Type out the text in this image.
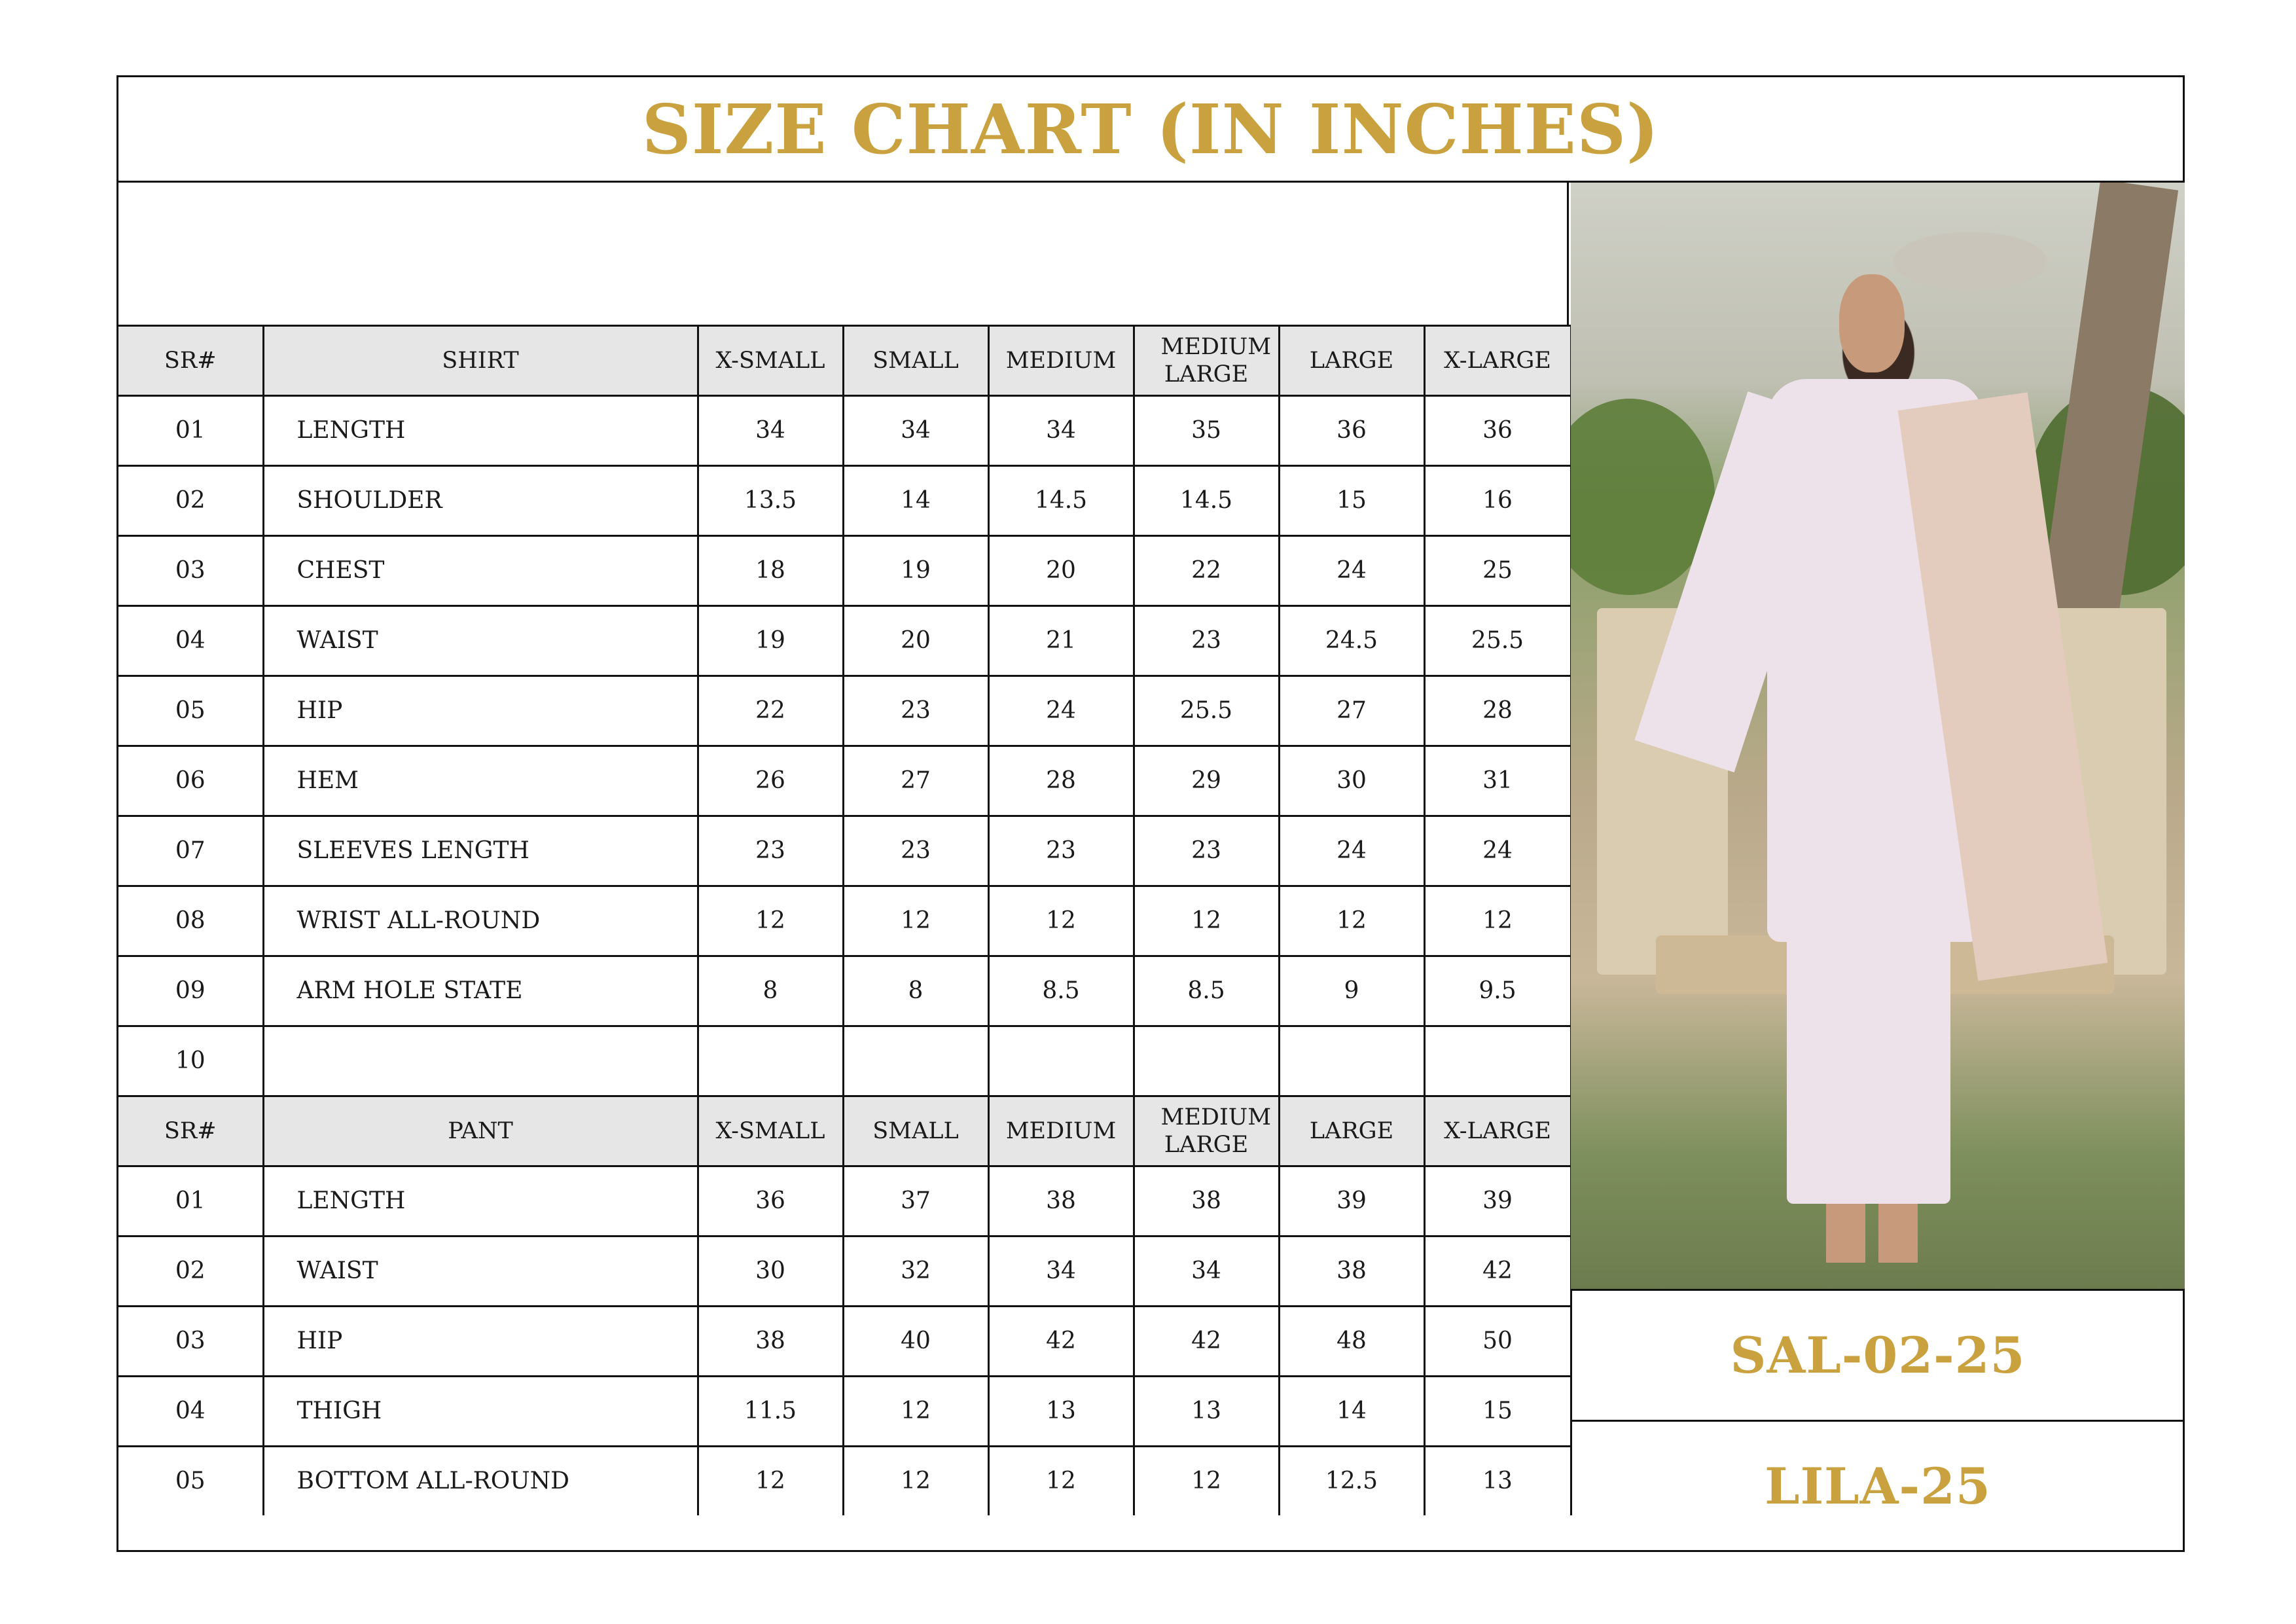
SIZE CHART (IN INCHES)
SR#	SHIRT	X-SMALL	SMALL	MEDIUM	MEDIUM LARGE	LARGE	X-LARGE
01	LENGTH	34	34	34	35	36	36
02	SHOULDER	13.5	14	14.5	14.5	15	16
03	CHEST	18	19	20	22	24	25
04	WAIST	19	20	21	23	24.5	25.5
05	HIP	22	23	24	25.5	27	28
06	HEM	26	27	28	29	30	31
07	SLEEVES LENGTH	23	23	23	23	24	24
08	WRIST ALL-ROUND	12	12	12	12	12	12
09	ARM HOLE STATE	8	8	8.5	8.5	9	9.5
10							
SR#	PANT	X-SMALL	SMALL	MEDIUM	MEDIUM LARGE	LARGE	X-LARGE
01	LENGTH	36	37	38	38	39	39
02	WAIST	30	32	34	34	38	42
03	HIP	38	40	42	42	48	50
04	THIGH	11.5	12	13	13	14	15
05	BOTTOM ALL-ROUND	12	12	12	12	12.5	13
SAL-02-25
LILA-25
